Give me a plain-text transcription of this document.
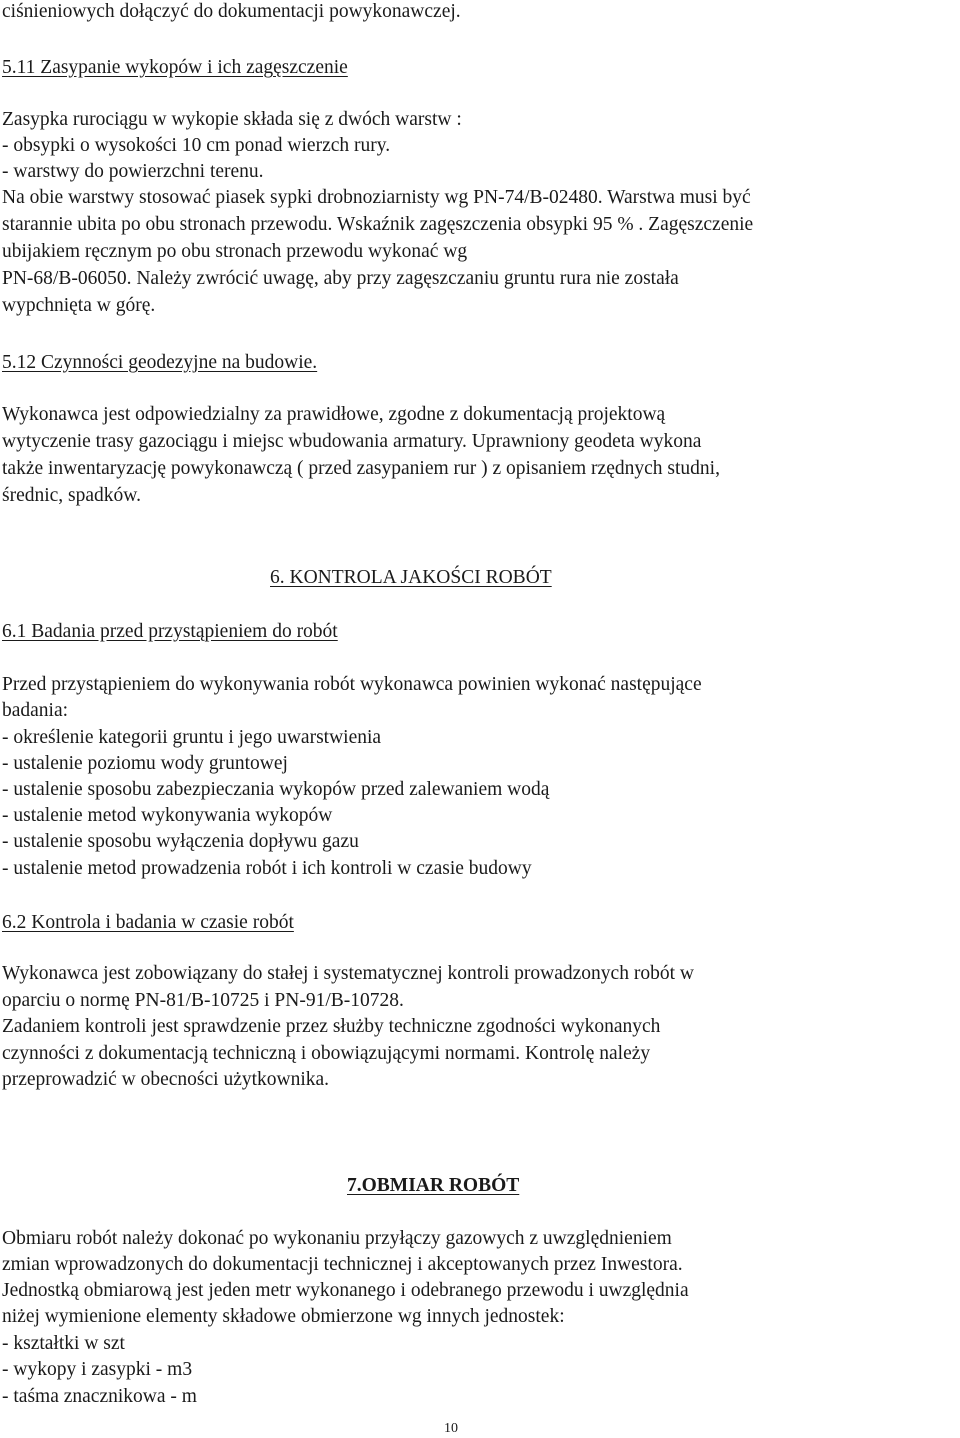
ciśnieniowych dołączyć do dokumentacji powykonawczej.
5.11 Zasypanie wykopów i ich zagęszczenie
Zasypka rurociągu w wykopie składa się z dwóch warstw :
- obsypki o wysokości 10 cm ponad wierzch rury.
- warstwy do powierzchni terenu.
Na obie warstwy stosować piasek sypki drobnoziarnisty wg PN-74/B-02480. Warstwa musi być
starannie ubita po obu stronach przewodu. Wskaźnik zagęszczenia obsypki 95 % . Zagęszczenie
ubijakiem ręcznym po obu stronach przewodu wykonać wg
PN-68/B-06050. Należy zwrócić uwagę, aby przy zagęszczaniu gruntu rura nie została
wypchnięta w górę.
5.12 Czynności geodezyjne na budowie.
Wykonawca jest odpowiedzialny za prawidłowe, zgodne z dokumentacją projektową
wytyczenie trasy gazociągu i miejsc wbudowania armatury. Uprawniony geodeta wykona
także inwentaryzację powykonawczą ( przed zasypaniem rur ) z opisaniem rzędnych studni,
średnic, spadków.
6. KONTROLA JAKOŚCI ROBÓT
6.1 Badania przed przystąpieniem do robót
Przed przystąpieniem do wykonywania robót wykonawca powinien wykonać następujące
badania:
- określenie kategorii gruntu i jego uwarstwienia
- ustalenie poziomu wody gruntowej
- ustalenie sposobu zabezpieczania wykopów przed zalewaniem wodą
- ustalenie metod wykonywania wykopów
- ustalenie sposobu wyłączenia dopływu gazu
- ustalenie metod prowadzenia robót i ich kontroli w czasie budowy
6.2 Kontrola i badania w czasie robót
Wykonawca jest zobowiązany do stałej i systematycznej kontroli prowadzonych robót w
oparciu o normę PN-81/B-10725 i PN-91/B-10728.
Zadaniem kontroli jest sprawdzenie przez służby techniczne zgodności wykonanych
czynności z dokumentacją techniczną i obowiązującymi normami. Kontrolę należy
przeprowadzić w obecności użytkownika.
7.OBMIAR ROBÓT
Obmiaru robót należy dokonać po wykonaniu przyłączy gazowych z uwzględnieniem
zmian wprowadzonych do dokumentacji technicznej i akceptowanych przez Inwestora.
Jednostką obmiarową jest jeden metr wykonanego i odebranego przewodu i uwzględnia
niżej wymienione elementy składowe obmierzone wg innych jednostek:
- kształtki w szt
- wykopy i zasypki - m3
- taśma znacznikowa - m
10
